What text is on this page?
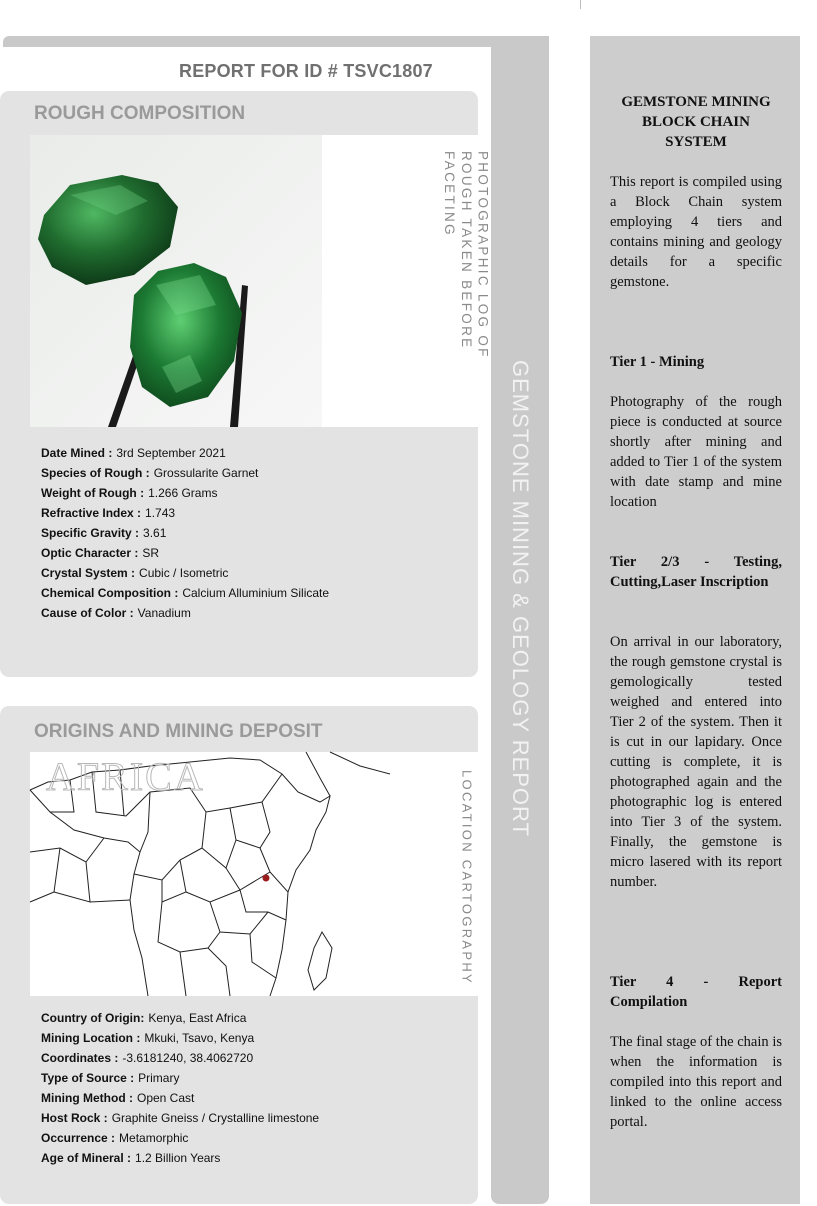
REPORT FOR ID # TSVC1807
GEMSTONE MINING & GEOLOGY REPORT
ROUGH COMPOSITION
PHOTOGRAPHIC LOG OF ROUGH TAKEN BEFORE FACETING
Date Mined : 3rd September 2021
Species of Rough : Grossularite Garnet
Weight of Rough : 1.266 Grams
Refractive Index : 1.743
Specific Gravity : 3.61
Optic Character : SR
Crystal System : Cubic / Isometric
Chemical Composition : Calcium Alluminium Silicate
Cause of Color : Vanadium
ORIGINS AND MINING DEPOSIT
AFRICA	LOCATION CARTOGRAPHY
Country of Origin: Kenya, East Africa
Mining Location : Mkuki, Tsavo, Kenya
Coordinates : -3.6181240, 38.4062720
Type of Source : Primary
Mining Method : Open Cast
Host Rock : Graphite Gneiss / Crystalline limestone
Occurrence : Metamorphic
Age of Mineral : 1.2 Billion Years
GEMSTONE MINING BLOCK CHAIN SYSTEM
This report is compiled using a Block Chain system employing 4 tiers and contains mining and geology details for a specific gemstone.
Tier 1 - Mining
Photography of the rough piece is conducted at source shortly after mining and added to Tier 1 of the system with date stamp and mine location
Tier 2/3 - Testing, Cutting,Laser Inscription
On arrival in our laboratory, the rough gemstone crystal is gemologically tested weighed and entered into Tier 2 of the system. Then it is cut in our lapidary. Once cutting is complete, it is photographed again and the photographic log is entered into Tier 3 of the system. Finally, the gemstone is micro lasered with its report number.
Tier 4 - Report Compilation
The final stage of the chain is when the information is compiled into this report and linked to the online access portal.
